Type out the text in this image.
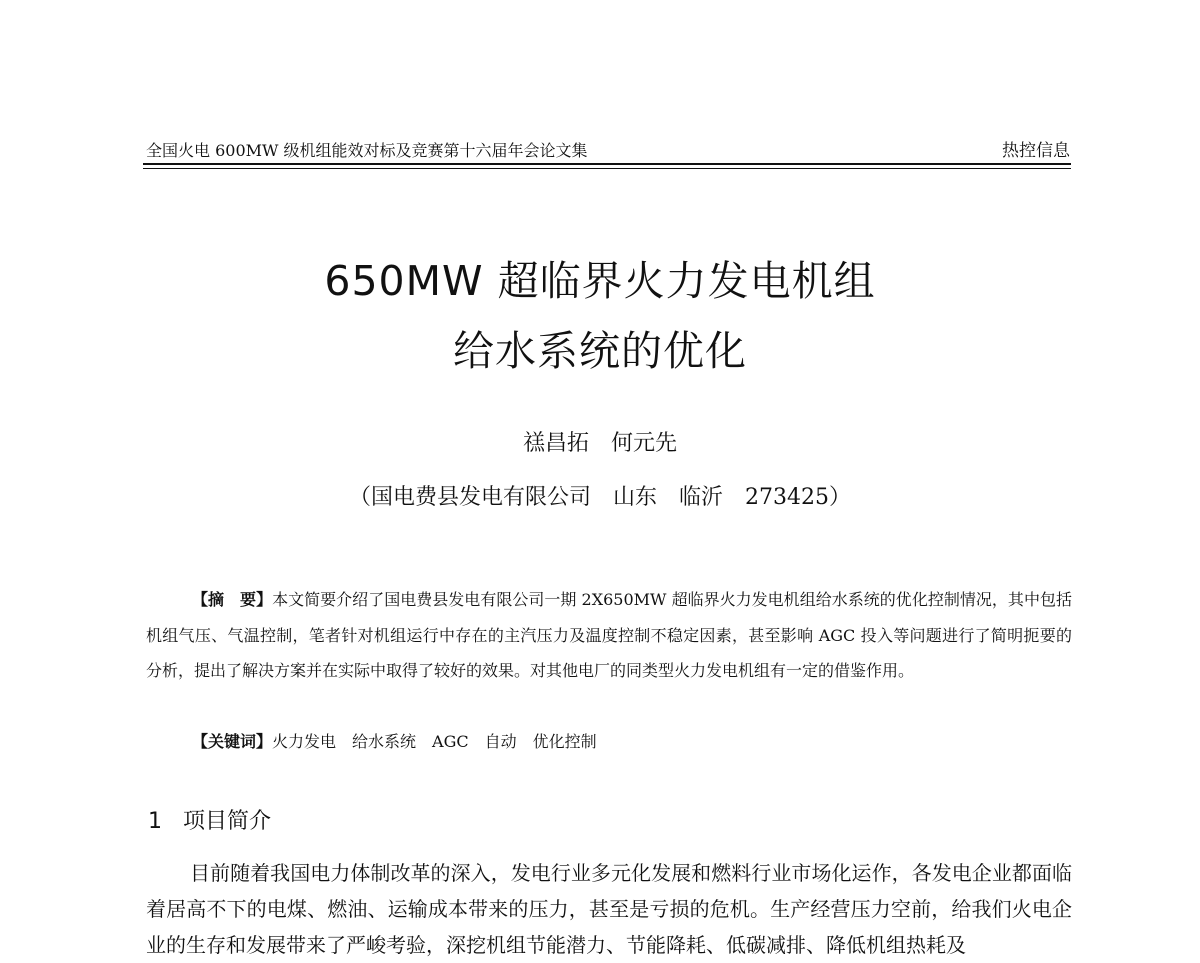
全国火电 600MW 级机组能效对标及竞赛第十六届年会论文集	热控信息
650MW 超临界火力发电机组
给水系统的优化
禚昌拓　何元先
（国电费县发电有限公司　山东　临沂　273425）
【摘　要】本文简要介绍了国电费县发电有限公司一期 2X650MW 超临界火力发电机组给水系统的优化控制情况，其中包括机组气压、气温控制，笔者针对机组运行中存在的主汽压力及温度控制不稳定因素，甚至影响 AGC 投入等问题进行了简明扼要的分析，提出了解决方案并在实际中取得了较好的效果。对其他电厂的同类型火力发电机组有一定的借鉴作用。
【关键词】火力发电　给水系统　AGC　自动　优化控制
1 项目简介
目前随着我国电力体制改革的深入，发电行业多元化发展和燃料行业市场化运作，各发电企业都面临着居高不下的电煤、燃油、运输成本带来的压力，甚至是亏损的危机。生产经营压力空前，给我们火电企业的生存和发展带来了严峻考验，深挖机组节能潜力、节能降耗、低碳减排、降低机组热耗及
